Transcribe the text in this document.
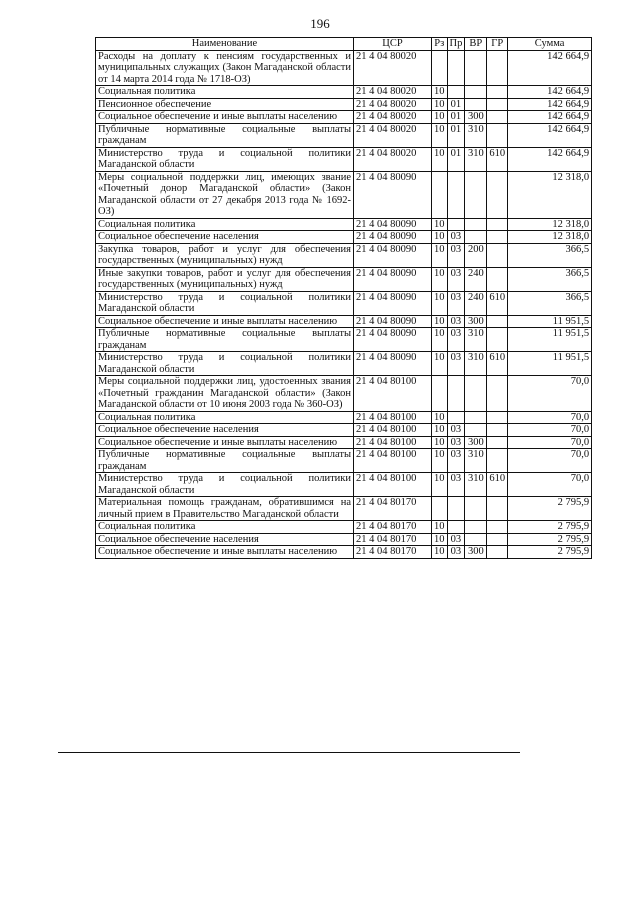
196
Наименование	ЦСР	Рз	Пр	ВР	ГР	Сумма
Расходы на доплату к пенсиям государственных и муниципальных служащих (Закон Магаданской области от 14 марта 2014 года № 1718-ОЗ)	21 4 04 80020					142 664,9
Социальная политика	21 4 04 80020	10				142 664,9
Пенсионное обеспечение	21 4 04 80020	10	01			142 664,9
Социальное обеспечение и иные выплаты населению	21 4 04 80020	10	01	300		142 664,9
Публичные нормативные социальные выплаты гражданам	21 4 04 80020	10	01	310		142 664,9
Министерство труда и социальной политики Магаданской области	21 4 04 80020	10	01	310	610	142 664,9
Меры социальной поддержки лиц, имеющих звание «Почетный донор Магаданской области» (Закон Магаданской области от 27 декабря 2013 года № 1692-ОЗ)	21 4 04 80090					12 318,0
Социальная политика	21 4 04 80090	10				12 318,0
Социальное обеспечение населения	21 4 04 80090	10	03			12 318,0
Закупка товаров, работ и услуг для обеспечения государственных (муниципальных) нужд	21 4 04 80090	10	03	200		366,5
Иные закупки товаров, работ и услуг для обеспечения государственных (муниципальных) нужд	21 4 04 80090	10	03	240		366,5
Министерство труда и социальной политики Магаданской области	21 4 04 80090	10	03	240	610	366,5
Социальное обеспечение и иные выплаты населению	21 4 04 80090	10	03	300		11 951,5
Публичные нормативные социальные выплаты гражданам	21 4 04 80090	10	03	310		11 951,5
Министерство труда и социальной политики Магаданской области	21 4 04 80090	10	03	310	610	11 951,5
Меры социальной поддержки лиц, удостоенных звания «Почетный гражданин Магаданской области» (Закон Магаданской области от 10 июня 2003 года № 360-ОЗ)	21 4 04 80100					70,0
Социальная политика	21 4 04 80100	10				70,0
Социальное обеспечение населения	21 4 04 80100	10	03			70,0
Социальное обеспечение и иные выплаты населению	21 4 04 80100	10	03	300		70,0
Публичные нормативные социальные выплаты гражданам	21 4 04 80100	10	03	310		70,0
Министерство труда и социальной политики Магаданской области	21 4 04 80100	10	03	310	610	70,0
Материальная помощь гражданам, обратившимся на личный прием в Правительство Магаданской области	21 4 04 80170					2 795,9
Социальная политика	21 4 04 80170	10				2 795,9
Социальное обеспечение населения	21 4 04 80170	10	03			2 795,9
Социальное обеспечение и иные выплаты населению	21 4 04 80170	10	03	300		2 795,9
